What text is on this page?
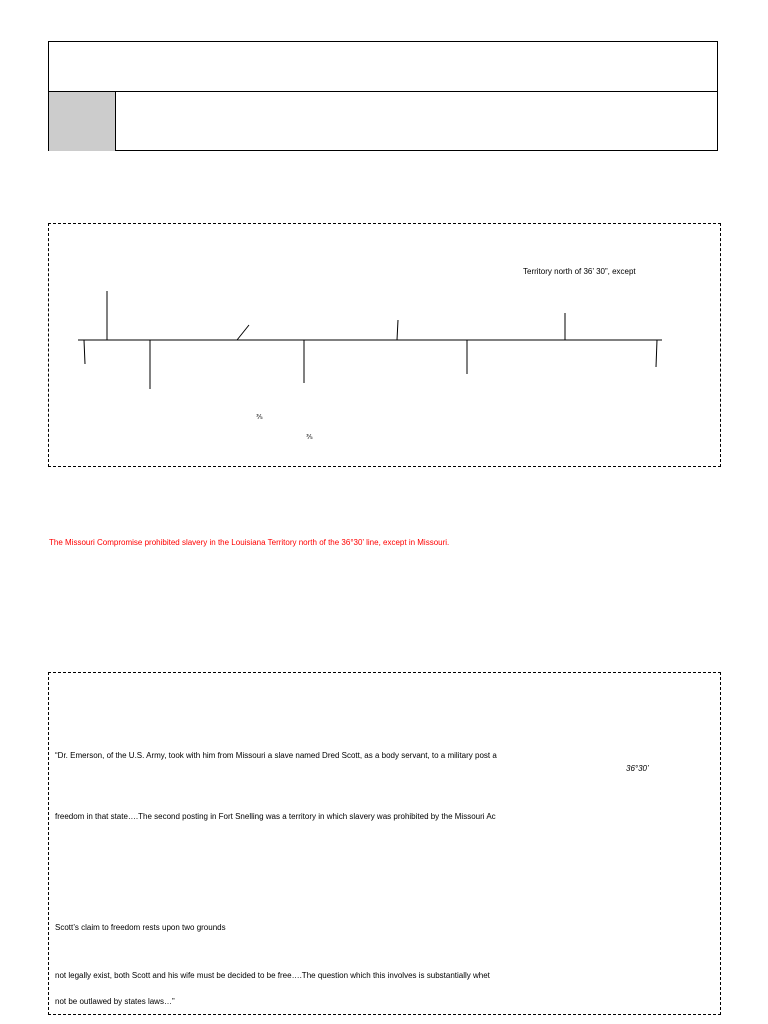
Territory north of 36’ 30”, except
⅗
⅗
The Missouri Compromise prohibited slavery in the Louisiana Territory north of the 36°30’ line, except in Missouri.
“Dr. Emerson, of the U.S. Army, took with him from Missouri a slave named Dred Scott, as a body servant, to a military post a
36°30’
freedom in that state….The second posting in Fort Snelling was a territory in which slavery was prohibited by the Missouri Ac
Scott’s claim to freedom rests upon two grounds
not legally exist, both Scott and his wife must be decided to be free….The question which this involves is substantially whet
not be outlawed by states laws…”
